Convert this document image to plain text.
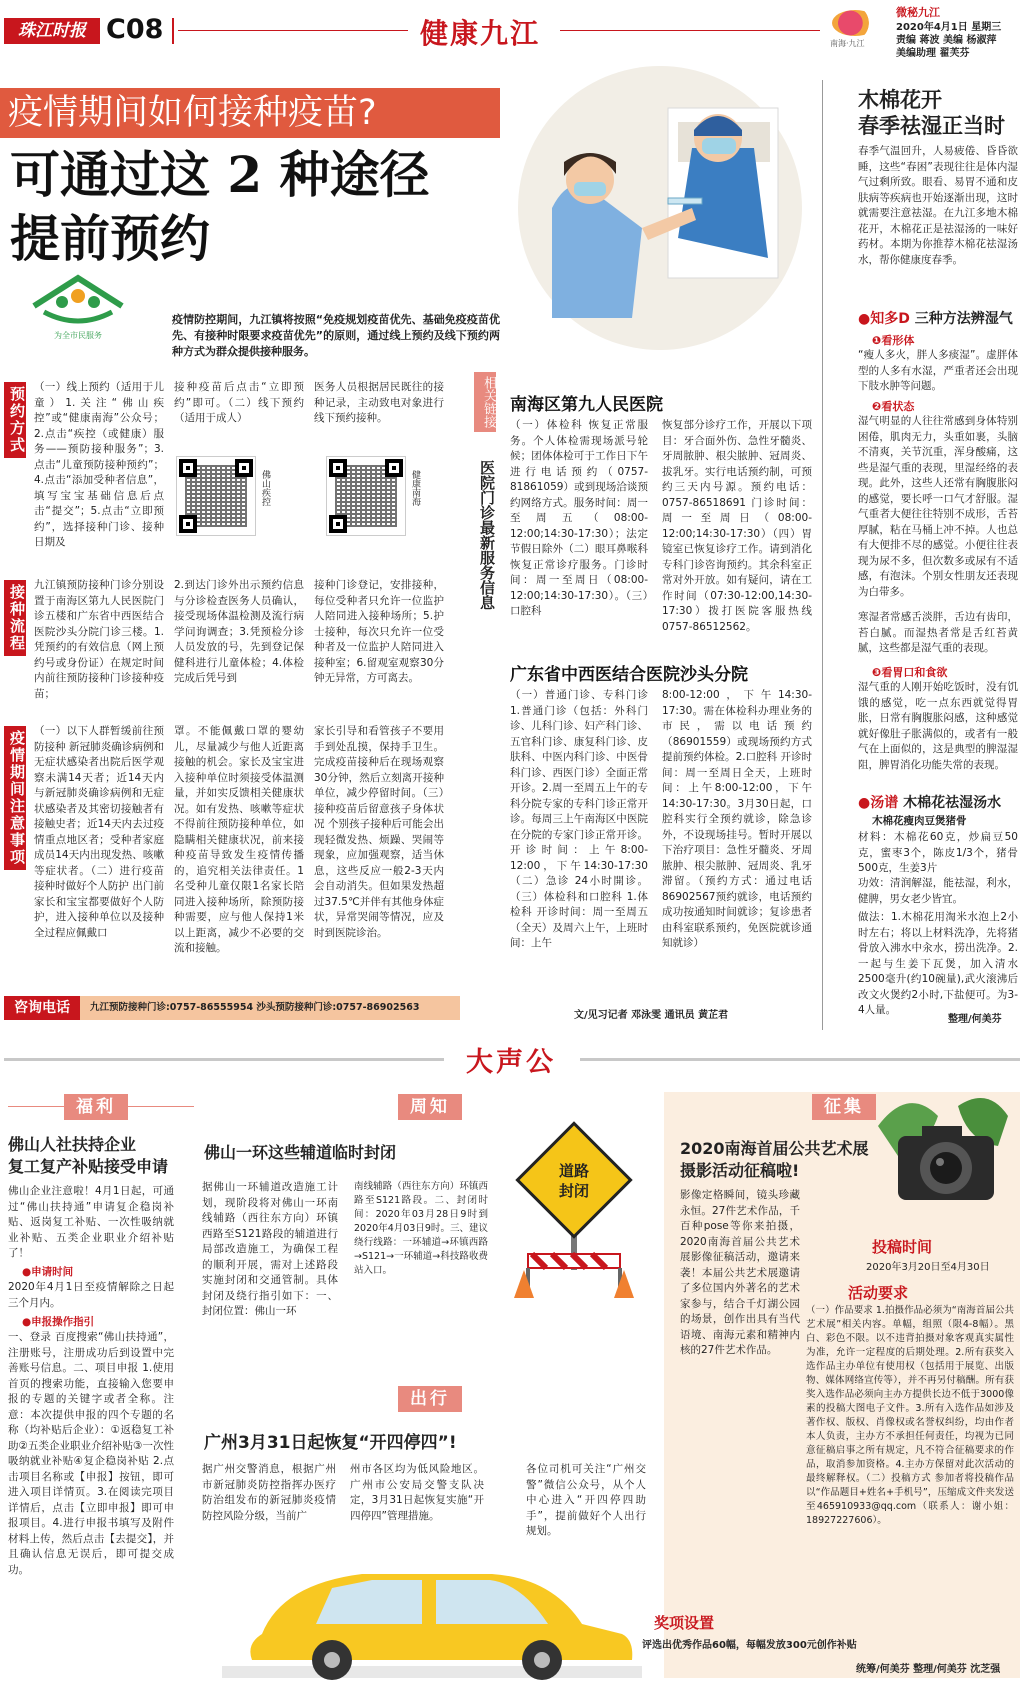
珠江时报 C08	健康九江	南海·九江
微秘九江
2020年4月1日 星期三
责编 蒋波 美编 杨淑萍
美编助理 翟芙芬
疫情期间如何接种疫苗?
可通过这 2 种途径
提前预约
为全市民服务
疫情防控期间，九江镇将按照“免疫规划疫苗优先、基础免疫疫苗优先、有接种时限要求疫苗优先”的原则，通过线上预约及线下预约两种方式为群众提供接种服务。
预约方式 （一）线上预约（适用于儿童）1.关注“佛山疾控”或“健康南海”公众号；2.点击“疾控（或健康）服务——预防接种服务”；3.点击“儿童预防接种预约”；4.点击“添加受种者信息”，填写宝宝基础信息后点击“提交”；5.点击“立即预约”，选择接种门诊、接种日期及
接种疫苗后点击“立即预约”即可。（二）线下预约（适用于成人）
医务人员根据居民既往的接种记录，主动致电对象进行线下预约接种。
佛山疾控	健康南海
接种流程 九江镇预防接种门诊分别设置于南海区第九人民医院门诊五楼和广东省中西医结合医院沙头分院门诊三楼。1.凭预约的有效信息（网上预约号或身份证）在规定时间内前往预防接种门诊接种疫苗；
2.到达门诊外出示预约信息与分诊检查医务人员确认，接受现场体温检测及流行病学问询调查；3.凭预检分诊人员发放的号，先到登记保健科进行儿童体检；4.体检完成后凭号到
接种门诊登记，安排接种，每位受种者只允许一位监护人陪同进入接种场所；5.护士接种，每次只允许一位受种者及一位监护人陪同进入接种室；6.留观室观察30分钟无异常，方可离去。
疫情期间注意事项 （一）以下人群暂缓前往预防接种 新冠肺炎确诊病例和无症状感染者出院后医学观察未满14天者；近14天内与新冠肺炎确诊病例和无症状感染者及其密切接触者有接触史者；近14天内去过疫情重点地区者；受种者家庭成员14天内出现发热、咳嗽等症状者。（二）进行疫苗接种时做好个人防护 出门前家长和宝宝都要做好个人防护，进入接种单位以及接种全过程应佩戴口
罩。不能佩戴口罩的婴幼儿，尽量减少与他人近距离接触的机会。家长及宝宝进入接种单位时须接受体温测量，并如实反馈相关健康状况。如有发热、咳嗽等症状不得前往预防接种单位，如隐瞒相关健康状况，前来接种疫苗导致发生疫情传播的，追究相关法律责任。1名受种儿童仅限1名家长陪同进入接种场所，除预防接种需要，应与他人保持1米以上距离，减少不必要的交流和接触。
家长引导和看管孩子不要用手到处乱摸，保持手卫生。完成疫苗接种后在现场观察30分钟，然后立刻离开接种单位，减少停留时间。（三）接种疫苗后留意孩子身体状况 个别孩子接种后可能会出现轻微发热、烦躁、哭闹等现象，应加强观察，适当休息，这些反应一般2-3天内会自动消失。但如果发热超过37.5℃并伴有其他身体症状，异常哭闹等情况，应及时到医院诊治。
咨询电话	九江预防接种门诊:0757-86555954 沙头预防接种门诊:0757-86902563
相关链接
医院门诊最新服务信息
南海区第九人民医院
（一）体检科 恢复正常服务。个人体检需现场派号轮候；团体体检可于工作日下午进行电话预约（0757-81861059）或到现场洽谈预约网络方式。服务时间：周一至周五（08:00-12:00;14:30-17:30）；法定节假日除外（二）眼耳鼻喉科 恢复正常诊疗服务。门诊时间：周一至周日（08:00-12:00;14:30-17:30）。（三）口腔科
恢复部分诊疗工作，开展以下项目：牙合面外伤、急性牙髓炎、牙周脓肿、根尖脓肿、冠周炎、拔乳牙。实行电话预约制，可预约三天内号源。预约电话：0757-86518691 门诊时间：周一至周日（08:00-12:00;14:30-17:30）（四）胃镜室已恢复诊疗工作。请到消化专科门诊咨询预约。其余科室正常对外开放。如有疑问，请在工作时间（07:30-12:00,14:30-17:30）拨打医院客服热线0757-86512562。
广东省中西医结合医院沙头分院
（一）普通门诊、专科门诊 1.普通门诊（包括：外科门诊、儿科门诊、妇产科门诊、五官科门诊、康复科门诊、皮肤科、中医内科门诊、中医骨科门诊、西医门诊）全面正常开诊。2.周一至周五上午的专科分院专家的专科门诊正常开诊。每周三上午南海区中医院在分院的专家门诊正常开诊。开诊时间：上午8:00-12:00，下午14:30-17:30（二）急诊 24小时開诊。（三）体检科和口腔科 1.体检科 开诊时间：周一至周五（全天）及周六上午，上班时间：上午
8:00-12:00，下午14:30-17:30。需在体检科办理业务的市民，需以电话预约（86901559）或现场预约方式提前预约体检。2.口腔科 开诊时间：周一至周日全天，上班时间：上午8:00-12:00，下午14:30-17:30。3月30日起，口腔科实行全预约就诊，除急诊外，不设现场挂号。暂时开展以下治疗项目：急性牙髓炎、牙周脓肿、根尖脓肿、冠周炎、乳牙滞留。（预约方式：通过电话86902567预约就诊，电话预约成功按通知时间就诊；复诊患者由科室联系预约，免医院就诊通知就诊）
文/见习记者 邓泳雯 通讯员 黄芷君
木棉花开
春季祛湿正当时
春季气温回升，人易疲倦、昏昏欲睡，这些“春困”表现往往是体内湿气过剩所致。眼看、易胃不通和皮肤病等疾病也开始逐渐出现，这时就需要注意祛湿。在九江多地木棉花开，木棉花正是祛湿汤的一味好药材。本期为你推荐木棉花祛湿汤水，帮你健康度春季。
●知多D 三种方法辨湿气
❶看形体
“瘦人多火，胖人多痰湿”。虚胖体型的人多有水湿，严重者还会出现下肢水肿等问题。
❷看状态
湿气明显的人往往常感到身体特别困倦，肌肉无力，头重如裹，头脑不清爽，关节沉重，浑身酸痛，这些是湿气重的表现，里湿经络的表现。此外，这些人还常有胸腹胀闷的感觉，要长呼一口气才舒服。湿气重者大便往往特别不成形，舌苔厚腻，粘在马桶上冲不掉。人也总有大便排不尽的感觉。小便往往表现为尿不多，但次数多或尿有不适感，有泡沫。个别女性朋友还表现为白带多。
寒湿者常感舌淡胖，舌边有齿印，苔白腻。而湿热者常是舌红苔黄腻，这些都是湿气重的表现。
❸看胃口和食欲
湿气重的人刚开始吃饭时，没有饥饿的感觉，吃一点东西就觉得胃胀，日常有胸腹胀闷感，这种感觉就好像肚子胀满似的，或者有一般气在上面似的，这是典型的脾湿湿阻，脾胃消化功能失常的表现。
●汤谱 木棉花祛湿汤水
木棉花瘦肉豆煲猪骨
材料：木棉花60克，炒扁豆50克，蜜枣3个，陈皮1/3个，猪骨500克，生姜3片
功效：清润解湿，能祛湿，利水，健脾，男女老少皆宜。
做法：1.木棉花用淘米水泡上2小时左右；将以上材料洗净，先将猪骨放入沸水中汆水，捞出洗净。2.一起与生姜下瓦煲，加入清水2500毫升(约10碗量),武火滚沸后改文火煲约2小时,下盐便可。为3-4人量。
整理/何美芬
大声公
福利
佛山人社扶持企业
复工复产补贴接受申请
佛山企业注意啦！4月1日起，可通过“佛山扶持通”申请复企稳岗补贴、返岗复工补贴、一次性吸纳就业补贴、五类企业职业介绍补贴了！
●申请时间
2020年4月1日至疫情解除之日起三个月内。
●申报操作指引
一、登录 百度搜索“佛山扶持通”，注册账号，注册成功后到设置中完善账号信息。二、项目申报 1.使用首页的搜索功能，直接输入您要申报的专题的关键字或者全称。注意：本次提供申报的四个专题的名称（均补贴后企业）：①返稳复工补助②五类企业职业介绍补贴③一次性吸纳就业补贴④复企稳岗补贴 2.点击项目名称或【申报】按钮，即可进入项目详情页。3.在阅读完项目详情后，点击【立即申报】即可申报项目。4.进行申报书填写及附件材料上传，然后点击【去提交】，并且确认信息无误后，即可提交成功。
周知
佛山一环这些辅道临时封闭
据佛山一环辅道改造施工计划，现阶段将对佛山一环南线辅路（西往东方向）环镇西路至S121路段的辅道进行局部改造施工，为确保工程的顺利开展，需对上述路段实施封闭和交通管制。具体封闭及绕行指引如下：一、封闭位置：佛山一环
南线辅路（西往东方向）环镇西路至S121路段。二、封闭时间：2020年03月28日9时到2020年4月03日9时。三、建议绕行线路：一环辅道→环镇西路→S121→一环辅道→科技路收费站入口。
道路
封闭
出行
广州3月31日起恢复“开四停四”!
据广州交警消息，根据广州市新冠肺炎防控指挥办医疗防治组发布的新冠肺炎疫情防控风险分级，当前广
州市各区均为低风险地区。广州市公安局交警支队决定，3月31日起恢复实施“开四停四”管理措施。
各位司机可关注“广州交警”微信公众号，从个人中心进入“开四停四助手”，提前做好个人出行规划。
征集
2020南海首届公共艺术展
摄影活动征稿啦!
影像定格瞬间，镜头珍藏永恒。27件艺术作品，千百种pose等你来拍摄，2020南海首届公共艺术展影像征稿活动，邀请来袭！本届公共艺术展邀请了多位国内外著名的艺术家参与，结合千灯湖公园的场景，创作出具有当代语境、南海元素和精神内核的27件艺术作品。
投稿时间
2020年3月20日至4月30日
活动要求
（一）作品要求 1.拍摄作品必须为“南海首届公共艺术展”相关内容。单幅，组照（限4-8幅）。黑白、彩色不限。以不违背拍摄对象客观真实属性为准，允许一定程度的后期处理。2.所有获奖入选作品主办单位有使用权（包括用于展览、出版物、媒体网络宣传等），并不再另付稿酬。所有获奖入选作品必须向主办方提供长边不低于3000像素的投稿大图电子文件。3.所有入选作品如涉及著作权、版权、肖像权或名誉权纠纷，均由作者本人负责，主办方不承担任何责任，均视为已同意征稿启事之所有规定，凡不符合征稿要求的作品，取消参加资格。4.主办方保留对此次活动的最终解释权。（二）投稿方式 参加者将投稿作品以“作品题目+姓名+手机号”，压缩成文件夹发送至465910933@qq.com（联系人：谢小姐：18927227606）。
奖项设置
评选出优秀作品60幅，每幅发放300元创作补贴
统筹/何美芬 整理/何美芬 沈芝强
